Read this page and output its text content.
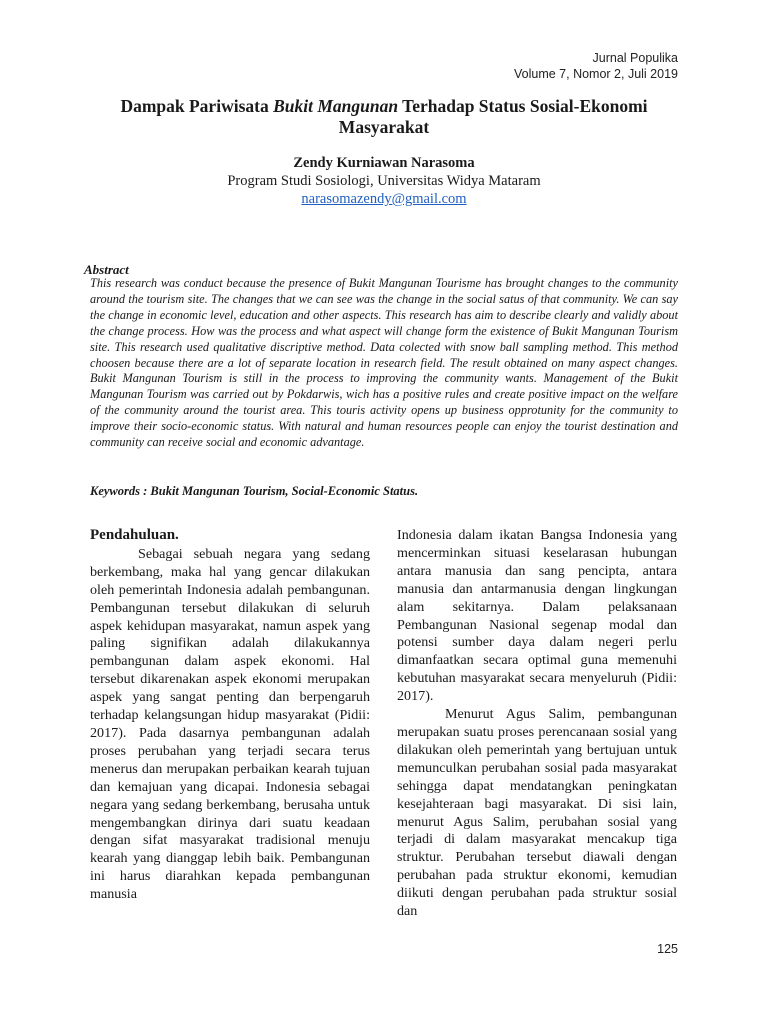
Jurnal Populika
Volume 7, Nomor 2, Juli 2019
Dampak Pariwisata Bukit Mangunan Terhadap Status Sosial-Ekonomi Masyarakat
Zendy Kurniawan Narasoma
Program Studi Sosiologi, Universitas Widya Mataram
narasomazendy@gmail.com
Abstract

This research was conduct because the presence of Bukit Mangunan Tourisme has brought changes to the community around the tourism site. The changes that we can see was the change in the social satus of that community. We can say the change in economic level, education and other aspects. This research has aim to describe clearly and validly about the change process. How was the process and what aspect will change form the existence of Bukit Mangunan Tourism site. This research used qualitative discriptive method. Data colected with snow ball sampling method. This method choosen because there are a lot of separate location in research field. The result obtained on many aspect changes. Bukit Mangunan Tourism is still in the process to improving the community wants. Management of the Bukit Mangunan Tourism was carried out by Pokdarwis, wich has a positive rules and create positive impact on the welfare of the community around the tourist area. This touris activity opens up business opprotunity for the community to improve their socio-economic status. With natural and human resources people can enjoy the tourist destination and community can receive social and economic advantage.

Keywords : Bukit Mangunan Tourism, Social-Economic Status.
Pendahuluan.

Sebagai sebuah negara yang sedang berkembang, maka hal yang gencar dilakukan oleh pemerintah Indonesia adalah pembangunan. Pembangunan tersebut dilakukan di seluruh aspek kehidupan masyarakat, namun aspek yang paling signifikan adalah dilakukannya pembangunan dalam aspek ekonomi. Hal tersebut dikarenakan aspek ekonomi merupakan aspek yang sangat penting dan berpengaruh terhadap kelangsungan hidup masyarakat (Pidii: 2017). Pada dasarnya pembangunan adalah proses perubahan yang terjadi secara terus menerus dan merupakan perbaikan kearah tujuan dan kemajuan yang dicapai. Indonesia sebagai negara yang sedang berkembang, berusaha untuk mengembangkan dirinya dari suatu keadaan dengan sifat masyarakat tradisional menuju kearah yang dianggap lebih baik. Pembangunan ini harus diarahkan kepada pembangunan manusia

Indonesia dalam ikatan Bangsa Indonesia yang mencerminkan situasi keselarasan hubungan antara manusia dan sang pencipta, antara manusia dan antarmanusia dengan lingkungan alam sekitarnya. Dalam pelaksanaan Pembangunan Nasional segenap modal dan potensi sumber daya dalam negeri perlu dimanfaatkan secara optimal guna memenuhi kebutuhan masyarakat secara menyeluruh (Pidii: 2017).

Menurut Agus Salim, pembangunan merupakan suatu proses perencanaan sosial yang dilakukan oleh pemerintah yang bertujuan untuk memunculkan perubahan sosial pada masyarakat sehingga dapat mendatangkan peningkatan kesejahteraan bagi masyarakat. Di sisi lain, menurut Agus Salim, perubahan sosial yang terjadi di dalam masyarakat mencakup tiga struktur. Perubahan tersebut diawali dengan perubahan pada struktur ekonomi, kemudian diikuti dengan perubahan pada struktur sosial dan

125
